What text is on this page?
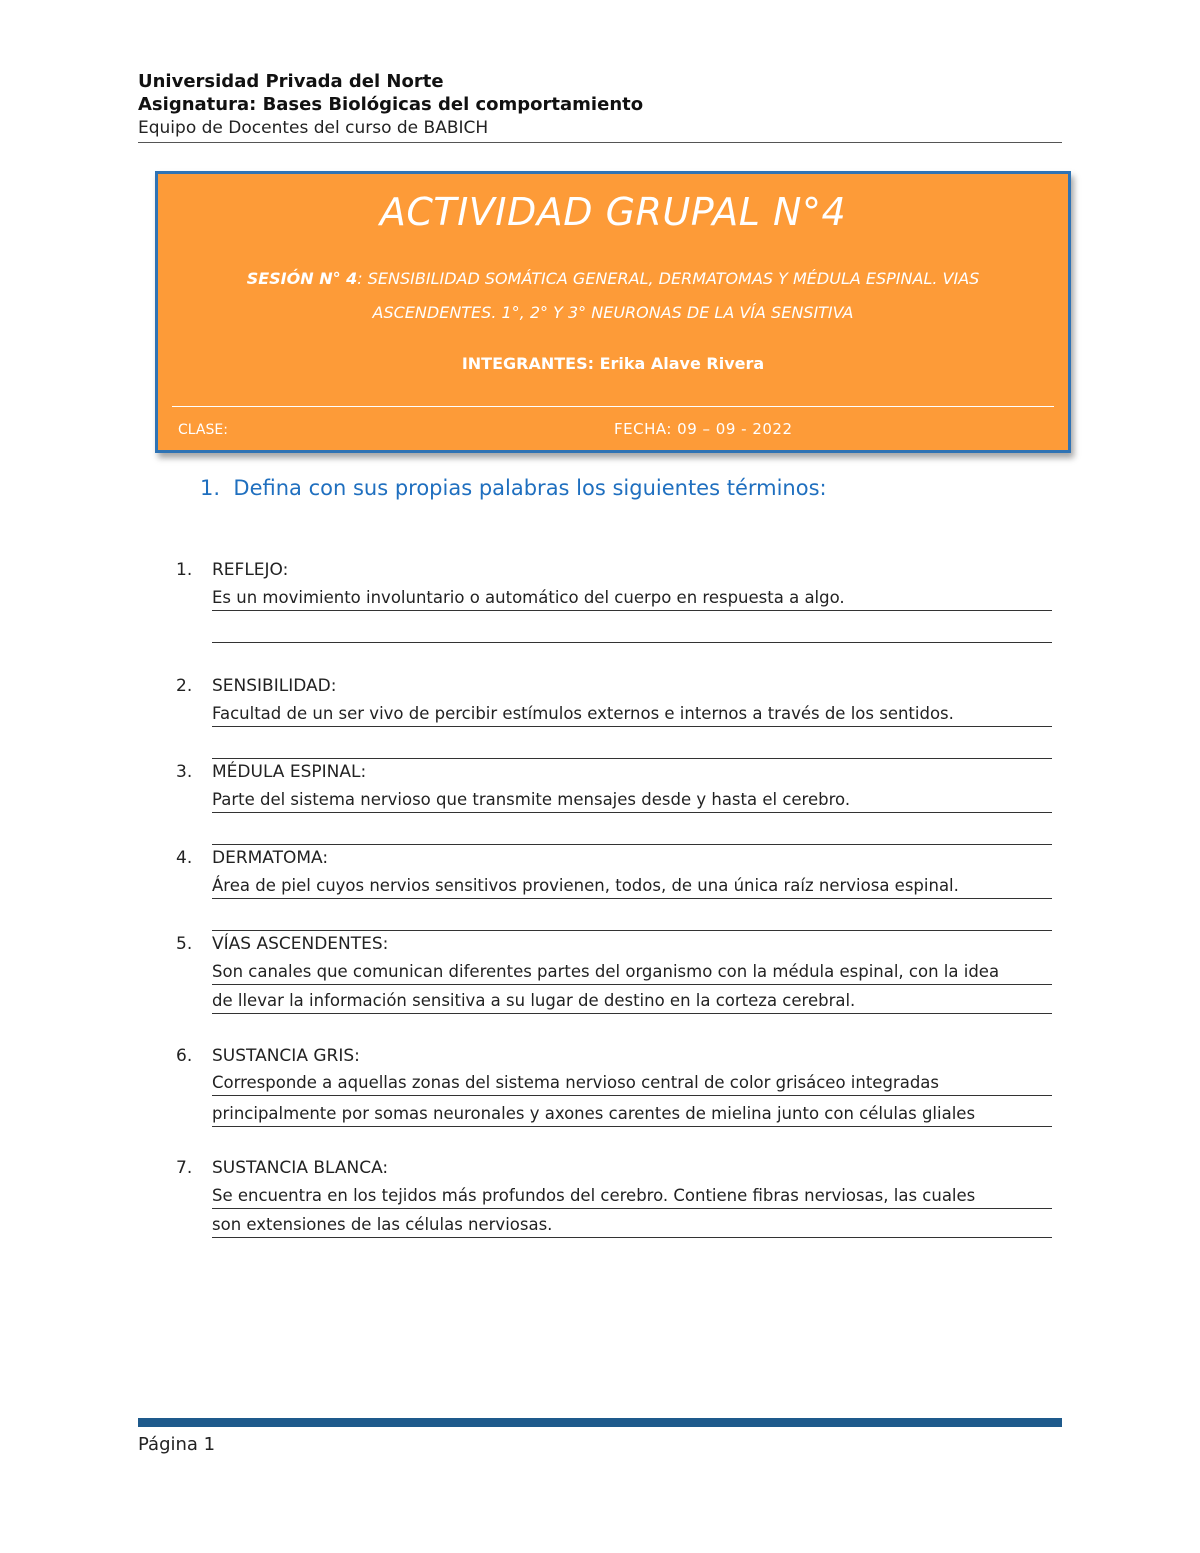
Universidad Privada del Norte
Asignatura: Bases Biológicas del comportamiento
Equipo de Docentes del curso de BABICH
ACTIVIDAD GRUPAL N°4
SESIÓN N° 4: SENSIBILIDAD SOMÁTICA GENERAL, DERMATOMAS Y MÉDULA ESPINAL. VIAS
ASCENDENTES. 1°, 2° Y 3° NEURONAS DE LA VÍA SENSITIVA
INTEGRANTES: Erika Alave Rivera
CLASE:	FECHA: 09 – 09 - 2022
1. Defina con sus propias palabras los siguientes términos:
1. REFLEJO:
Es un movimiento involuntario o automático del cuerpo en respuesta a algo.
2. SENSIBILIDAD:
Facultad de un ser vivo de percibir estímulos externos e internos a través de los sentidos.
3. MÉDULA ESPINAL:
Parte del sistema nervioso que transmite mensajes desde y hasta el cerebro.
4. DERMATOMA:
Área de piel cuyos nervios sensitivos provienen, todos, de una única raíz nerviosa espinal.
5. VÍAS ASCENDENTES:
Son canales que comunican diferentes partes del organismo con la médula espinal, con la idea
de llevar la información sensitiva a su lugar de destino en la corteza cerebral.
6. SUSTANCIA GRIS:
Corresponde a aquellas zonas del sistema nervioso central de color grisáceo integradas
principalmente por somas neuronales y axones carentes de mielina junto con células gliales
7. SUSTANCIA BLANCA:
Se encuentra en los tejidos más profundos del cerebro. Contiene fibras nerviosas, las cuales
son extensiones de las células nerviosas.
Página 1
